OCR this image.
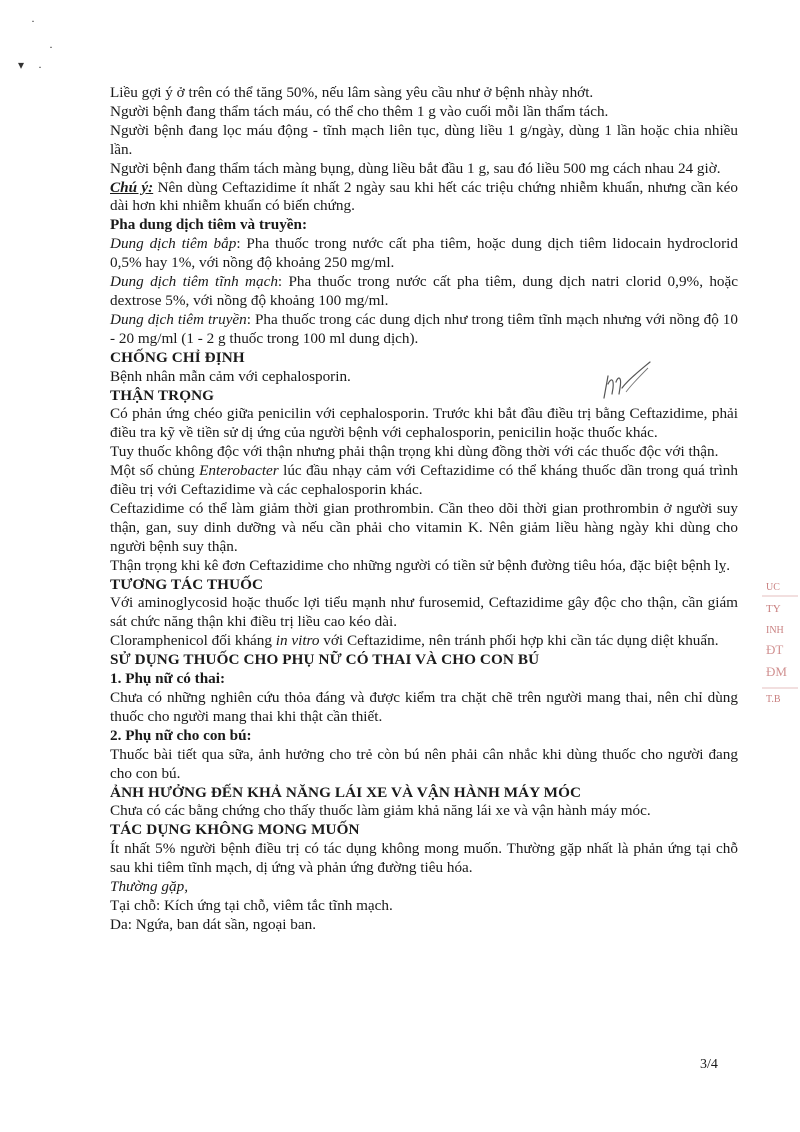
·
·
▾ ·

Liều gợi ý ở trên có thể tăng 50%, nếu lâm sàng yêu cầu như ở bệnh nhày nhớt.

Người bệnh đang thẩm tách máu, có thể cho thêm 1 g vào cuối mỗi lần thẩm tách.

Người bệnh đang lọc máu động - tĩnh mạch liên tục, dùng liều 1 g/ngày, dùng 1 lần hoặc chia nhiều lần.

Người bệnh đang thẩm tách màng bụng, dùng liều bắt đầu 1 g, sau đó liều 500 mg cách nhau 24 giờ.

Chú ý: Nên dùng Ceftazidime ít nhất 2 ngày sau khi hết các triệu chứng nhiễm khuẩn, nhưng cần kéo dài hơn khi nhiễm khuẩn có biến chứng.

Pha dung dịch tiêm và truyền:

Dung dịch tiêm bắp: Pha thuốc trong nước cất pha tiêm, hoặc dung dịch tiêm lidocain hydroclorid 0,5% hay 1%, với nồng độ khoảng 250 mg/ml.

Dung dịch tiêm tĩnh mạch: Pha thuốc trong nước cất pha tiêm, dung dịch natri clorid 0,9%, hoặc dextrose 5%, với nồng độ khoảng 100 mg/ml.

Dung dịch tiêm truyền: Pha thuốc trong các dung dịch như trong tiêm tĩnh mạch nhưng với nồng độ 10 - 20 mg/ml (1 - 2 g thuốc trong 100 ml dung dịch).

CHỐNG CHỈ ĐỊNH

Bệnh nhân mẫn cảm với cephalosporin.

THẬN TRỌNG

Có phản ứng chéo giữa penicilin với cephalosporin. Trước khi bắt đầu điều trị bằng Ceftazidime, phải điều tra kỹ về tiền sử dị ứng của người bệnh với cephalosporin, penicilin hoặc thuốc khác.

Tuy thuốc không độc với thận nhưng phải thận trọng khi dùng đồng thời với các thuốc độc với thận.

Một số chủng Enterobacter lúc đầu nhạy cảm với Ceftazidime có thể kháng thuốc dần trong quá trình điều trị với Ceftazidime và các cephalosporin khác.

Ceftazidime có thể làm giảm thời gian prothrombin. Cần theo dõi thời gian prothrombin ở người suy thận, gan, suy dinh dưỡng và nếu cần phải cho vitamin K. Nên giảm liều hàng ngày khi dùng cho người bệnh suy thận.

Thận trọng khi kê đơn Ceftazidime cho những người có tiền sử bệnh đường tiêu hóa, đặc biệt bệnh lỵ.

TƯƠNG TÁC THUỐC

Với aminoglycosid hoặc thuốc lợi tiểu mạnh như furosemid, Ceftazidime gây độc cho thận, cần giám sát chức năng thận khi điều trị liều cao kéo dài.

Cloramphenicol đối kháng in vitro với Ceftazidime, nên tránh phối hợp khi cần tác dụng diệt khuẩn.

SỬ DỤNG THUỐC CHO PHỤ NỮ CÓ THAI VÀ CHO CON BÚ

1. Phụ nữ có thai:

Chưa có những nghiên cứu thỏa đáng và được kiểm tra chặt chẽ trên người mang thai, nên chỉ dùng thuốc cho người mang thai khi thật cần thiết.

2. Phụ nữ cho con bú:

Thuốc bài tiết qua sữa, ảnh hưởng cho trẻ còn bú nên phải cân nhắc khi dùng thuốc cho người đang cho con bú.

ẢNH HƯỞNG ĐẾN KHẢ NĂNG LÁI XE VÀ VẬN HÀNH MÁY MÓC

Chưa có các bằng chứng cho thấy thuốc làm giảm khả năng lái xe và vận hành máy móc.

TÁC DỤNG KHÔNG MONG MUỐN

Ít nhất 5% người bệnh điều trị có tác dụng không mong muốn. Thường gặp nhất là phản ứng tại chỗ sau khi tiêm tĩnh mạch, dị ứng và phản ứng đường tiêu hóa.

Thường gặp,

Tại chỗ: Kích ứng tại chỗ, viêm tắc tĩnh mạch.

Da: Ngứa, ban dát sần, ngoại ban.

UC
TY
INH
ĐT
ĐM
T.B
3/4
